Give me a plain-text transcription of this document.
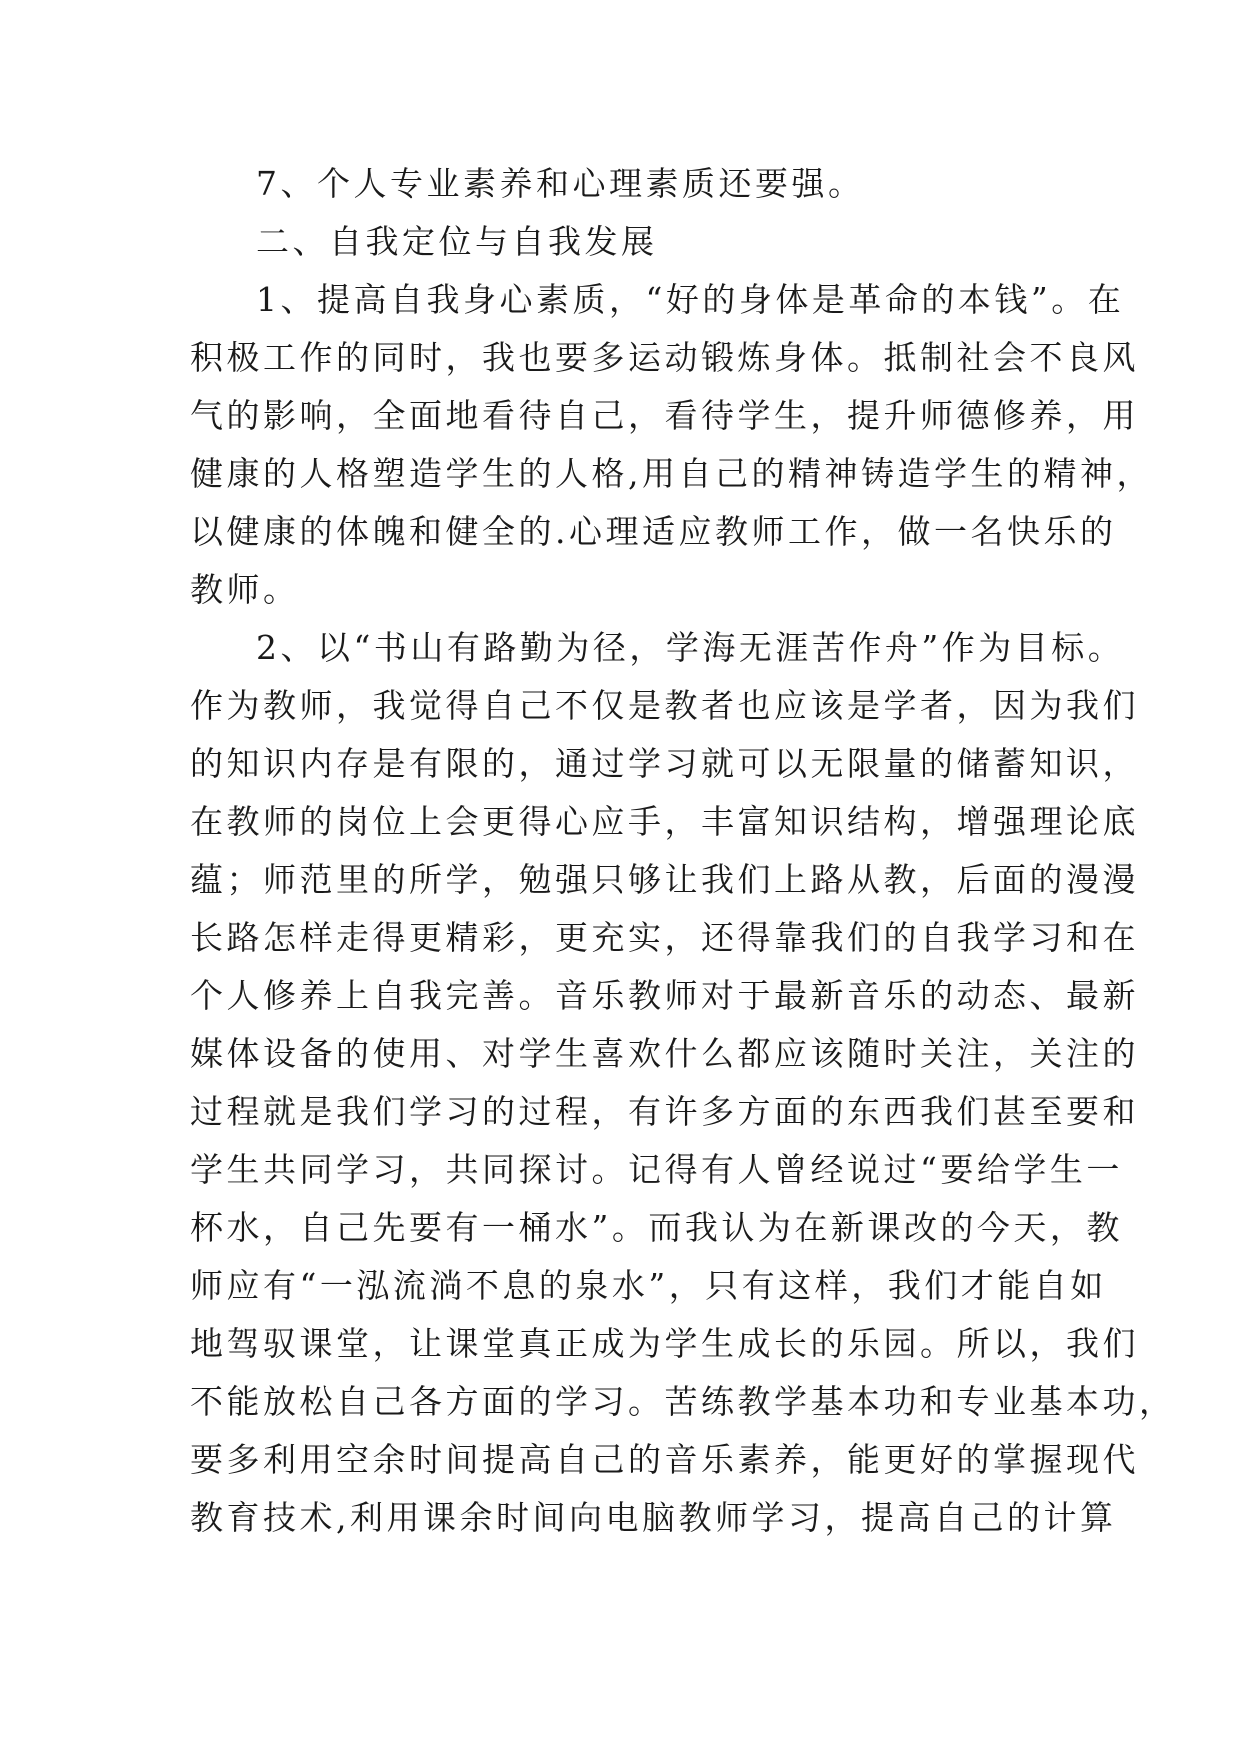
7、个人专业素养和心理素质还要强。
二、自我定位与自我发展
1、提高自我身心素质，“好的身体是革命的本钱”。在
积极工作的同时，我也要多运动锻炼身体。抵制社会不良风
气的影响，全面地看待自己，看待学生，提升师德修养，用
健康的人格塑造学生的人格,用自己的精神铸造学生的精神，
以健康的体魄和健全的.心理适应教师工作，做一名快乐的
教师。
2、以“书山有路勤为径，学海无涯苦作舟”作为目标。
作为教师，我觉得自己不仅是教者也应该是学者，因为我们
的知识内存是有限的，通过学习就可以无限量的储蓄知识，
在教师的岗位上会更得心应手，丰富知识结构，增强理论底
蕴；师范里的所学，勉强只够让我们上路从教，后面的漫漫
长路怎样走得更精彩，更充实，还得靠我们的自我学习和在
个人修养上自我完善。音乐教师对于最新音乐的动态、最新
媒体设备的使用、对学生喜欢什么都应该随时关注，关注的
过程就是我们学习的过程，有许多方面的东西我们甚至要和
学生共同学习，共同探讨。记得有人曾经说过“要给学生一
杯水，自己先要有一桶水”。而我认为在新课改的今天，教
师应有“一泓流淌不息的泉水”，只有这样，我们才能自如
地驾驭课堂，让课堂真正成为学生成长的乐园。所以，我们
不能放松自己各方面的学习。苦练教学基本功和专业基本功，
要多利用空余时间提高自己的音乐素养，能更好的掌握现代
教育技术,利用课余时间向电脑教师学习，提高自己的计算
